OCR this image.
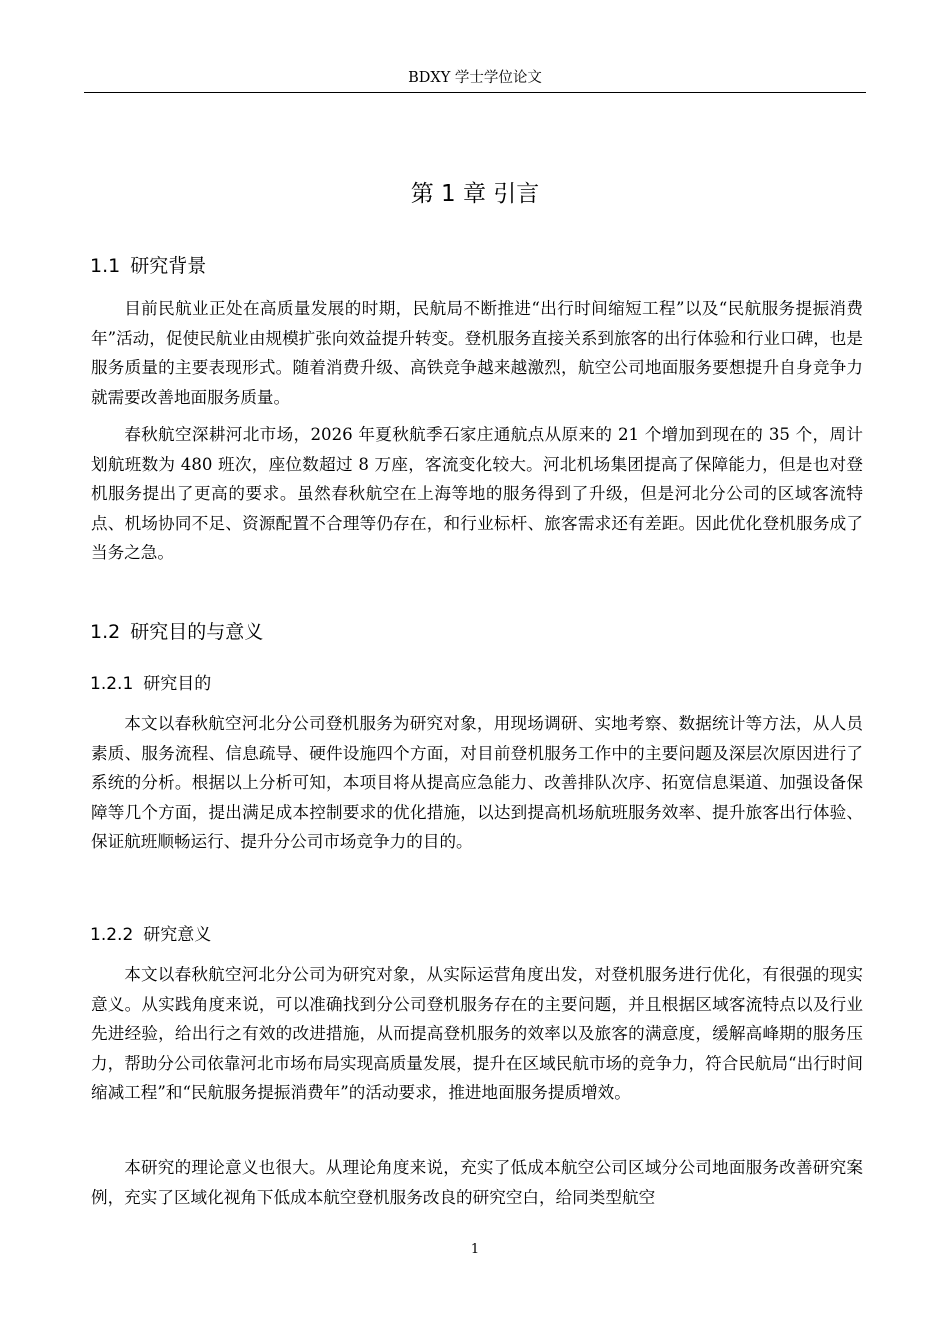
BDXY 学士学位论文
第 1 章 引言
1.1 研究背景

目前民航业正处在高质量发展的时期，民航局不断推进“出行时间缩短工程”以及“民航服务提振消费年”活动，促使民航业由规模扩张向效益提升转变。登机服务直接关系到旅客的出行体验和行业口碑，也是服务质量的主要表现形式。随着消费升级、高铁竞争越来越激烈，航空公司地面服务要想提升自身竞争力就需要改善地面服务质量。

春秋航空深耕河北市场，2026 年夏秋航季石家庄通航点从原来的 21 个增加到现在的 35 个，周计划航班数为 480 班次，座位数超过 8 万座，客流变化较大。河北机场集团提高了保障能力，但是也对登机服务提出了更高的要求。虽然春秋航空在上海等地的服务得到了升级，但是河北分公司的区域客流特点、机场协同不足、资源配置不合理等仍存在，和行业标杆、旅客需求还有差距。因此优化登机服务成了当务之急。

1.2 研究目的与意义
1.2.1 研究目的

本文以春秋航空河北分公司登机服务为研究对象，用现场调研、实地考察、数据统计等方法，从人员素质、服务流程、信息疏导、硬件设施四个方面，对目前登机服务工作中的主要问题及深层次原因进行了系统的分析。根据以上分析可知，本项目将从提高应急能力、改善排队次序、拓宽信息渠道、加强设备保障等几个方面，提出满足成本控制要求的优化措施，以达到提高机场航班服务效率、提升旅客出行体验、保证航班顺畅运行、提升分公司市场竞争力的目的。

1.2.2 研究意义

本文以春秋航空河北分公司为研究对象，从实际运营角度出发，对登机服务进行优化，有很强的现实意义。从实践角度来说，可以准确找到分公司登机服务存在的主要问题，并且根据区域客流特点以及行业先进经验，给出行之有效的改进措施，从而提高登机服务的效率以及旅客的满意度，缓解高峰期的服务压力，帮助分公司依靠河北市场布局实现高质量发展，提升在区域民航市场的竞争力，符合民航局“出行时间缩减工程”和“民航服务提振消费年”的活动要求，推进地面服务提质增效。

本研究的理论意义也很大。从理论角度来说，充实了低成本航空公司区域分公司地面服务改善研究案例，充实了区域化视角下低成本航空登机服务改良的研究空白，给同类型航空

1
